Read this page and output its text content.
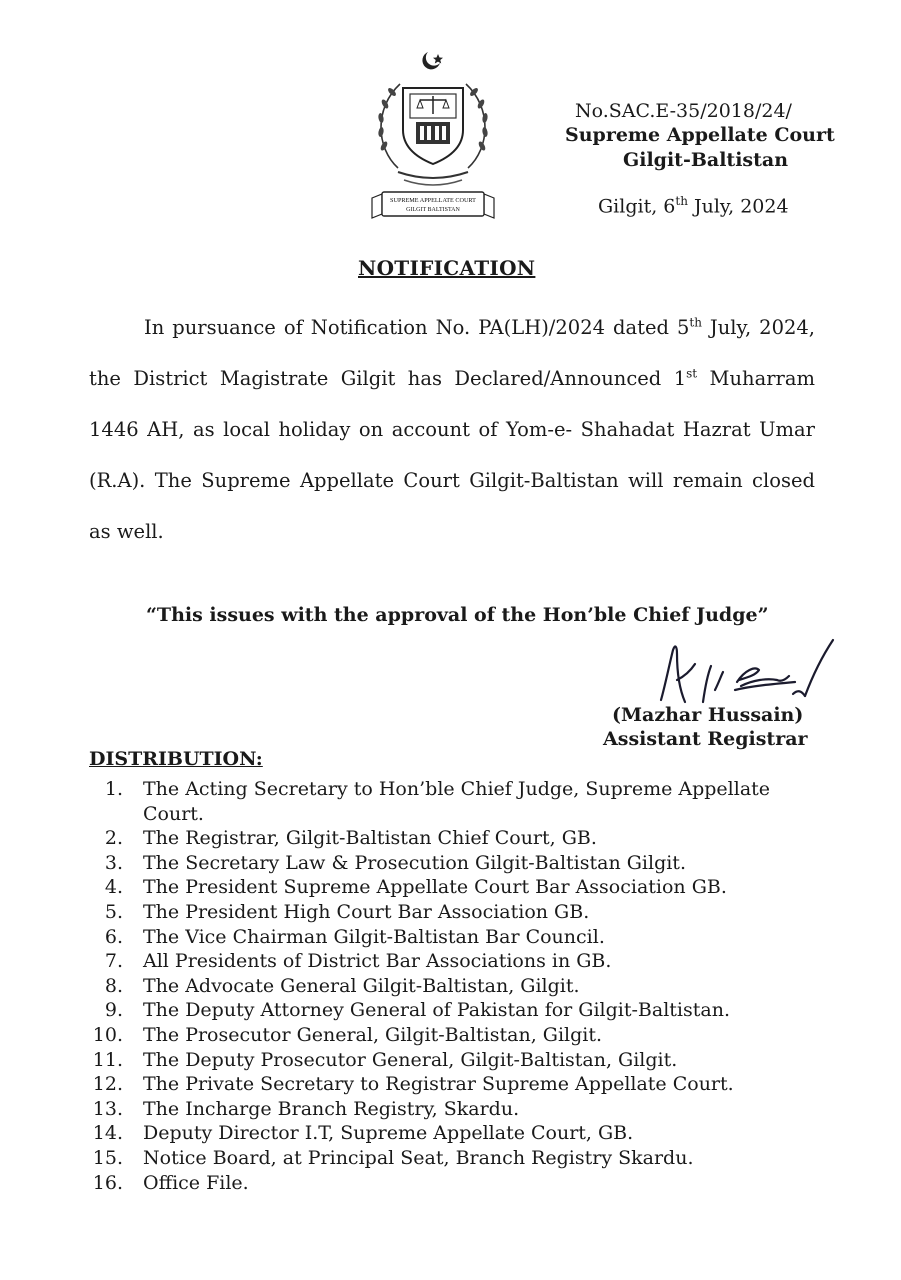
SUPREME APPELLATE COURT
GILGIT BALTISTAN
No.SAC.E-35/2018/24/
Supreme Appellate Court
Gilgit-Baltistan
Gilgit, 6th July, 2024
NOTIFICATION
In pursuance of Notification No. PA(LH)/2024 dated 5th July, 2024, the District Magistrate Gilgit has Declared/Announced 1st Muharram 1446 AH, as local holiday on account of Yom-e- Shahadat Hazrat Umar (R.A). The Supreme Appellate Court Gilgit-Baltistan will remain closed as well.
“This issues with the approval of the Hon’ble Chief Judge”
(Mazhar Hussain)
Assistant Registrar
DISTRIBUTION:
1. The Acting Secretary to Hon’ble Chief Judge, Supreme Appellate Court.
2. The Registrar, Gilgit-Baltistan Chief Court, GB.
3. The Secretary Law & Prosecution Gilgit-Baltistan Gilgit.
4. The President Supreme Appellate Court Bar Association GB.
5. The President High Court Bar Association GB.
6. The Vice Chairman Gilgit-Baltistan Bar Council.
7. All Presidents of District Bar Associations in GB.
8. The Advocate General Gilgit-Baltistan, Gilgit.
9. The Deputy Attorney General of Pakistan for Gilgit-Baltistan.
10. The Prosecutor General, Gilgit-Baltistan, Gilgit.
11. The Deputy Prosecutor General, Gilgit-Baltistan, Gilgit.
12. The Private Secretary to Registrar Supreme Appellate Court.
13. The Incharge Branch Registry, Skardu.
14. Deputy Director I.T, Supreme Appellate Court, GB.
15. Notice Board, at Principal Seat, Branch Registry Skardu.
16. Office File.
